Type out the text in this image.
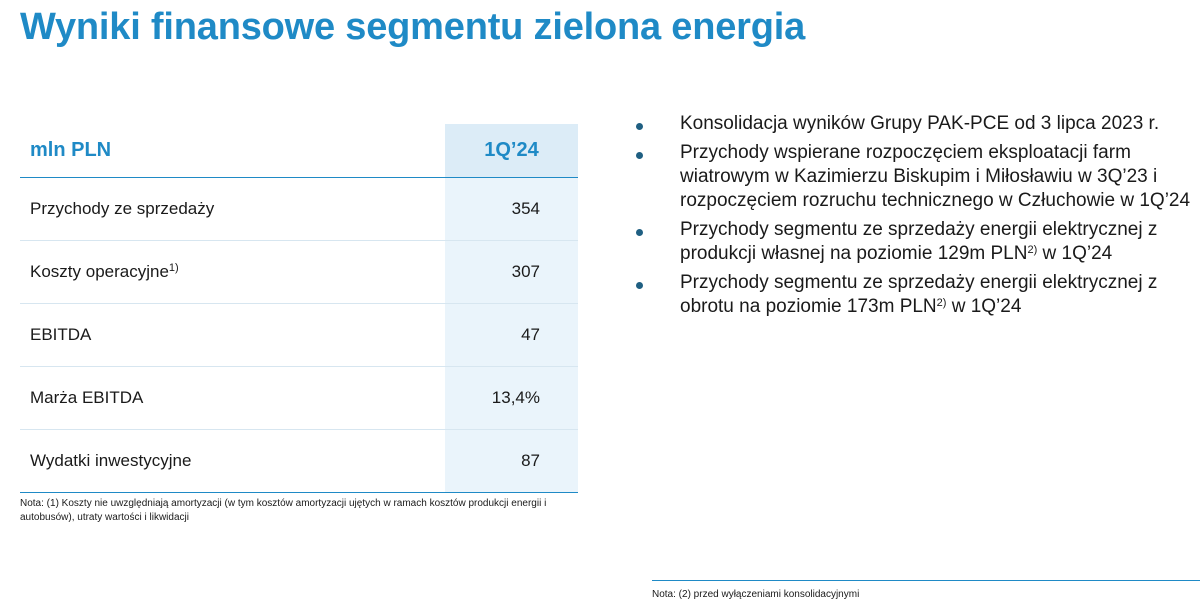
Wyniki finansowe segmentu zielona energia
mln PLN	1Q’24
Przychody ze sprzedaży	354
Koszty operacyjne$^{1)}$	307
EBITDA	47
Marża EBITDA	13,4%
Wydatki inwestycyjne	87

Nota: (1) Koszty nie uwzględniają amortyzacji (w tym kosztów amortyzacji ujętych w ramach kosztów produkcji energii i autobusów), utraty wartości i likwidacji

Konsolidacja wyników Grupy PAK-PCE od 3 lipca 2023 r.
Przychody wspierane rozpoczęciem eksploatacji farm wiatrowym w Kazimierzu Biskupim i Miłosławiu w 3Q’23 i rozpoczęciem rozruchu technicznego w Człuchowie w 1Q’24
Przychody segmentu ze sprzedaży energii elektrycznej z produkcji własnej na poziomie 129m PLN$^{2)}$ w 1Q’24
Przychody segmentu ze sprzedaży energii elektrycznej z obrotu na poziomie 173m PLN$^{2)}$ w 1Q’24

Nota: (2) przed wyłączeniami konsolidacyjnymi
